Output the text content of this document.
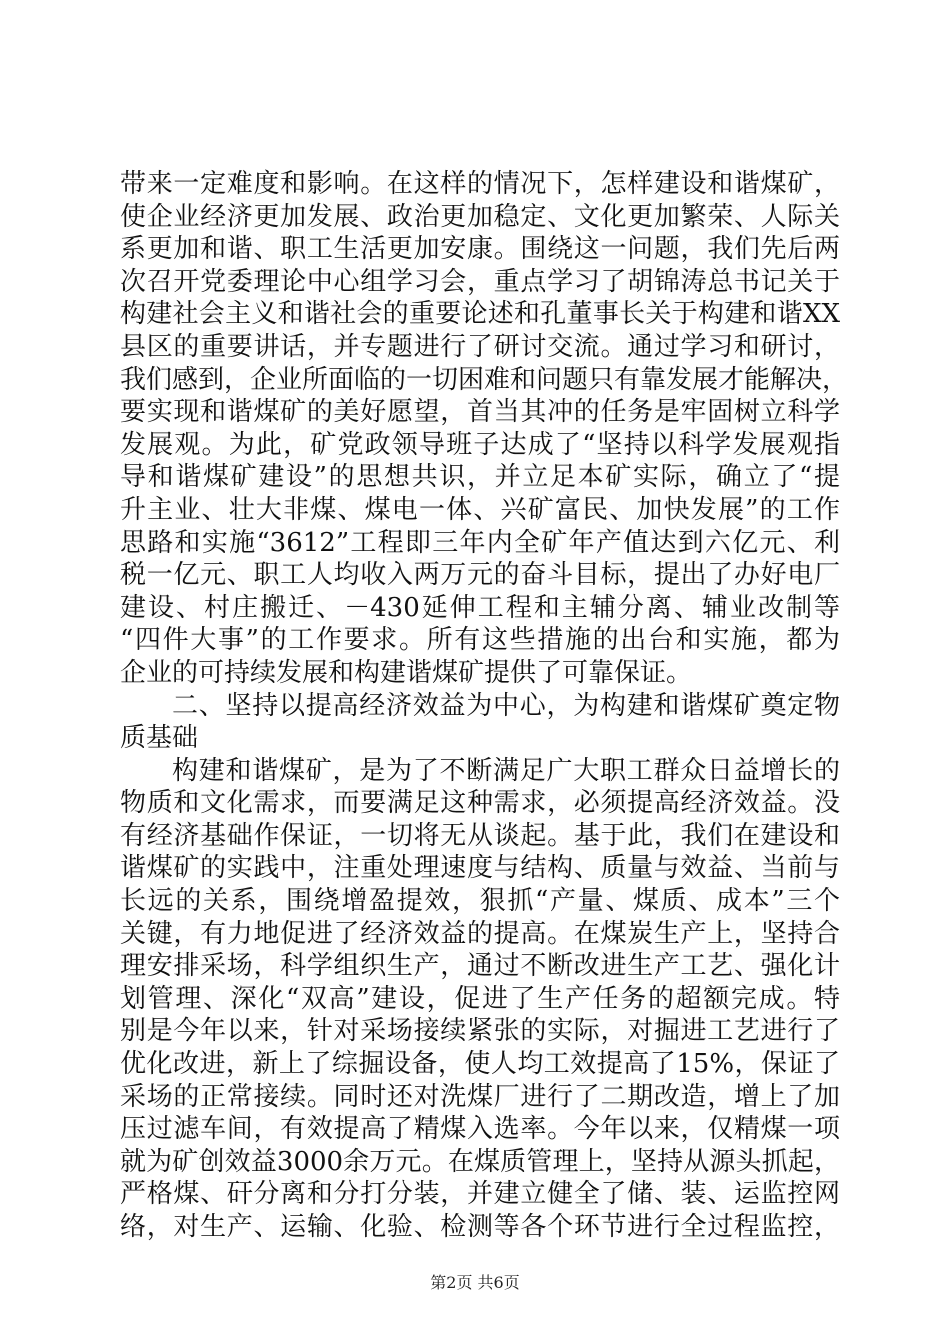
带来一定难度和影响。在这样的情况下，怎样建设和谐煤矿，
使企业经济更加发展、政治更加稳定、文化更加繁荣、人际关
系更加和谐、职工生活更加安康。围绕这一问题，我们先后两
次召开党委理论中心组学习会，重点学习了胡锦涛总书记关于
构建社会主义和谐社会的重要论述和孔董事长关于构建和谐XX
县区的重要讲话，并专题进行了研讨交流。通过学习和研讨，
我们感到，企业所面临的一切困难和问题只有靠发展才能解决，
要实现和谐煤矿的美好愿望，首当其冲的任务是牢固树立科学
发展观。为此，矿党政领导班子达成了“坚持以科学发展观指
导和谐煤矿建设”的思想共识，并立足本矿实际，确立了“提
升主业、壮大非煤、煤电一体、兴矿富民、加快发展”的工作
思路和实施“3612”工程即三年内全矿年产值达到六亿元、利
税一亿元、职工人均收入两万元的奋斗目标，提出了办好电厂
建设、村庄搬迁、－430延伸工程和主辅分离、辅业改制等
“四件大事”的工作要求。所有这些措施的出台和实施，都为
企业的可持续发展和构建谐煤矿提供了可靠保证。
二、坚持以提高经济效益为中心，为构建和谐煤矿奠定物
质基础
构建和谐煤矿，是为了不断满足广大职工群众日益增长的
物质和文化需求，而要满足这种需求，必须提高经济效益。没
有经济基础作保证，一切将无从谈起。基于此，我们在建设和
谐煤矿的实践中，注重处理速度与结构、质量与效益、当前与
长远的关系，围绕增盈提效，狠抓“产量、煤质、成本”三个
关键，有力地促进了经济效益的提高。在煤炭生产上，坚持合
理安排采场，科学组织生产，通过不断改进生产工艺、强化计
划管理、深化“双高”建设，促进了生产任务的超额完成。特
别是今年以来，针对采场接续紧张的实际，对掘进工艺进行了
优化改进，新上了综掘设备，使人均工效提高了15%，保证了
采场的正常接续。同时还对洗煤厂进行了二期改造，增上了加
压过滤车间，有效提高了精煤入选率。今年以来，仅精煤一项
就为矿创效益3000余万元。在煤质管理上，坚持从源头抓起，
严格煤、矸分离和分打分装，并建立健全了储、装、运监控网
络，对生产、运输、化验、检测等各个环节进行全过程监控，
第2页 共6页
